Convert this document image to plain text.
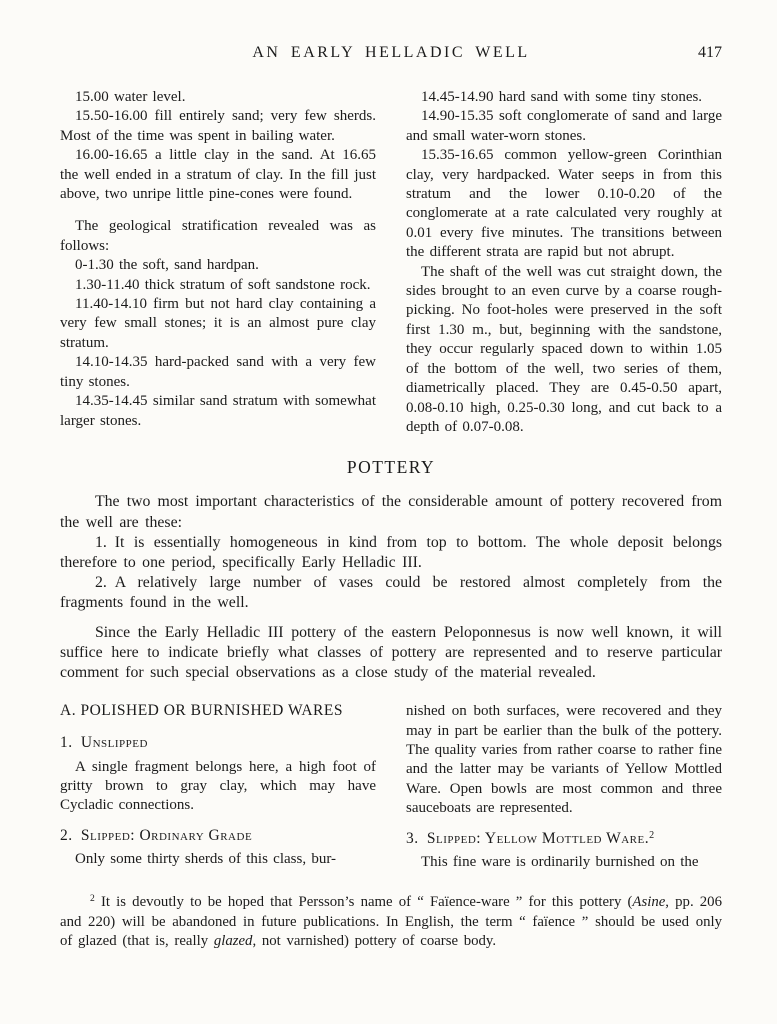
AN EARLY HELLADIC WELL	417

15.00 water level.

15.50-16.00 fill entirely sand; very few sherds. Most of the time was spent in bailing water.

16.00-16.65 a little clay in the sand. At 16.65 the well ended in a stratum of clay. In the fill just above, two unripe little pine-cones were found.

The geological stratification revealed was as follows:

0-1.30 the soft, sand hardpan.

1.30-11.40 thick stratum of soft sandstone rock.

11.40-14.10 firm but not hard clay containing a very few small stones; it is an almost pure clay stratum.

14.10-14.35 hard-packed sand with a very few tiny stones.

14.35-14.45 similar sand stratum with somewhat larger stones.

14.45-14.90 hard sand with some tiny stones.

14.90-15.35 soft conglomerate of sand and large and small water-worn stones.

15.35-16.65 common yellow-green Corinthian clay, very hardpacked. Water seeps in from this stratum and the lower 0.10-0.20 of the conglomerate at a rate calculated very roughly at 0.01 every five minutes. The transitions between the different strata are rapid but not abrupt.

The shaft of the well was cut straight down, the sides brought to an even curve by a coarse rough-picking. No foot-holes were preserved in the soft first 1.30 m., but, beginning with the sandstone, they occur regularly spaced down to within 1.05 of the bottom of the well, two series of them, diametrically placed. They are 0.45-0.50 apart, 0.08-0.10 high, 0.25-0.30 long, and cut back to a depth of 0.07-0.08.

POTTERY

The two most important characteristics of the considerable amount of pottery recovered from the well are these:

1. It is essentially homogeneous in kind from top to bottom. The whole deposit belongs therefore to one period, specifically Early Helladic III.

2. A relatively large number of vases could be restored almost completely from the fragments found in the well.

Since the Early Helladic III pottery of the eastern Peloponnesus is now well known, it will suffice here to indicate briefly what classes of pottery are represented and to reserve particular comment for such special observations as a close study of the material revealed.

A. POLISHED OR BURNISHED WARES

1. Unslipped

A single fragment belongs here, a high foot of gritty brown to gray clay, which may have Cycladic connections.

2. Slipped: Ordinary Grade

Only some thirty sherds of this class, bur-

nished on both surfaces, were recovered and they may in part be earlier than the bulk of the pottery. The quality varies from rather coarse to rather fine and the latter may be variants of Yellow Mottled Ware. Open bowls are most common and three sauceboats are represented.

3. Slipped: Yellow Mottled Ware.$^2$

This fine ware is ordinarily burnished on the

$^2$ It is devoutly to be hoped that Persson’s name of “ Faïence-ware ” for this pottery (Asine, pp. 206 and 220) will be abandoned in future publications. In English, the term “ faïence ” should be used only of glazed (that is, really glazed, not varnished) pottery of coarse body.
